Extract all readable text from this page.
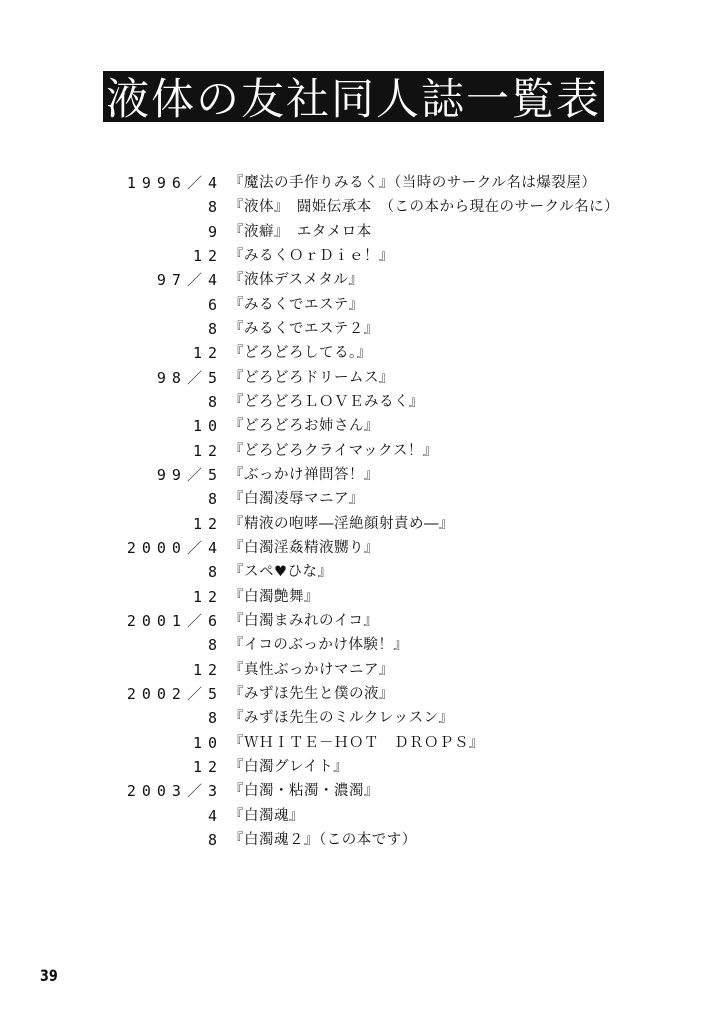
液体の友社同人誌一覧表
1996／4 『魔法の手作りみるく』（当時のサークル名は爆裂屋）
8 『液体』　闘姫伝承本　（この本から現在のサークル名に）
9 『液癖』　エタメロ本
12 『みるくＯｒＤｉｅ！』
97／4 『液体デスメタル』
6 『みるくでエステ』
8 『みるくでエステ２』
12 『どろどろしてる。』
98／5 『どろどろドリームス』
8 『どろどろＬＯＶＥみるく』
10 『どろどろお姉さん』
12 『どろどろクライマックス！』
99／5 『ぶっかけ禅問答！』
8 『白濁凌辱マニア』
12 『精液の咆哮―淫絶顔射責め―』
2000／4 『白濁淫姦精液嬲り』
8 『スペ♥ひな』
12 『白濁艶舞』
2001／6 『白濁まみれのイコ』
8 『イコのぶっかけ体験！』
12 『真性ぶっかけマニア』
2002／5 『みずほ先生と僕の液』
8 『みずほ先生のミルクレッスン』
10 『ＷＨＩＴＥ－ＨＯＴ　ＤＲＯＰＳ』
12 『白濁グレイト』
2003／3 『白濁・粘濁・濃濁』
4 『白濁魂』
8 『白濁魂２』（この本です）
39
